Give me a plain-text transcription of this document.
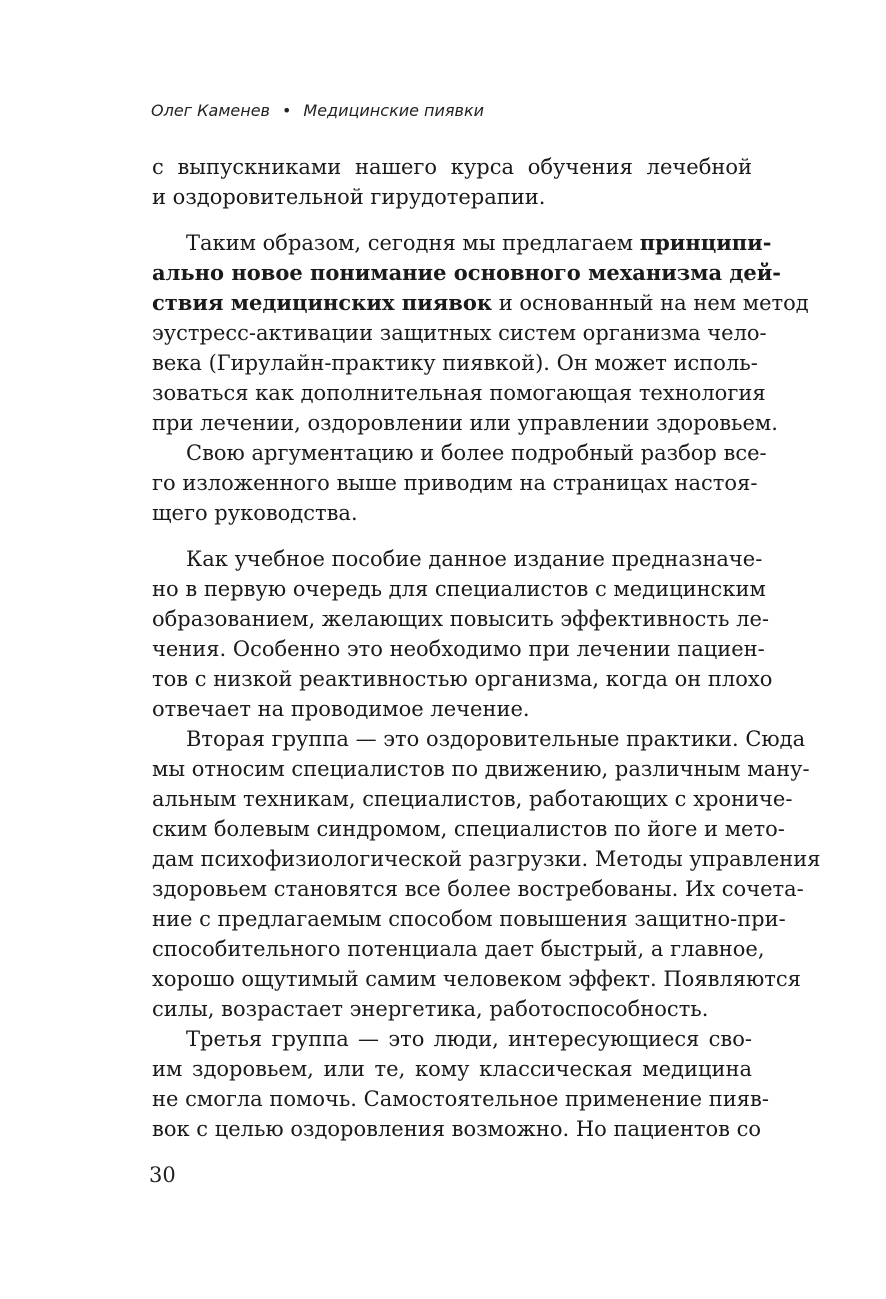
Олег Каменев • Медицинские пиявки
с выпускниками нашего курса обучения лечебной
и оздоровительной гирудотерапии.
Таким образом, сегодня мы предлагаем принципи-
ально новое понимание основного механизма дей-
ствия медицинских пиявок и основанный на нем метод
эустресс-активации защитных систем организма чело-
века (Гирулайн-практику пиявкой). Он может исполь-
зоваться как дополнительная помогающая технология
при лечении, оздоровлении или управлении здоровьем.
Свою аргументацию и более подробный разбор все-
го изложенного выше приводим на страницах настоя-
щего руководства.
Как учебное пособие данное издание предназначе-
но в первую очередь для специалистов с медицинским
образованием, желающих повысить эффективность ле-
чения. Особенно это необходимо при лечении пациен-
тов с низкой реактивностью организма, когда он плохо
отвечает на проводимое лечение.
Вторая группа — это оздоровительные практики. Сюда
мы относим специалистов по движению, различным ману-
альным техникам, специалистов, работающих с хрониче-
ским болевым синдромом, специалистов по йоге и мето-
дам психофизиологической разгрузки. Методы управления
здоровьем становятся все более востребованы. Их сочета-
ние с предлагаемым способом повышения защитно-при-
способительного потенциала дает быстрый, а главное,
хорошо ощутимый самим человеком эффект. Появляются
силы, возрастает энергетика, работоспособность.
Третья группа — это люди, интересующиеся сво-
им здоровьем, или те, кому классическая медицина
не смогла помочь. Самостоятельное применение пияв-
вок с целью оздоровления возможно. Но пациентов со
30
